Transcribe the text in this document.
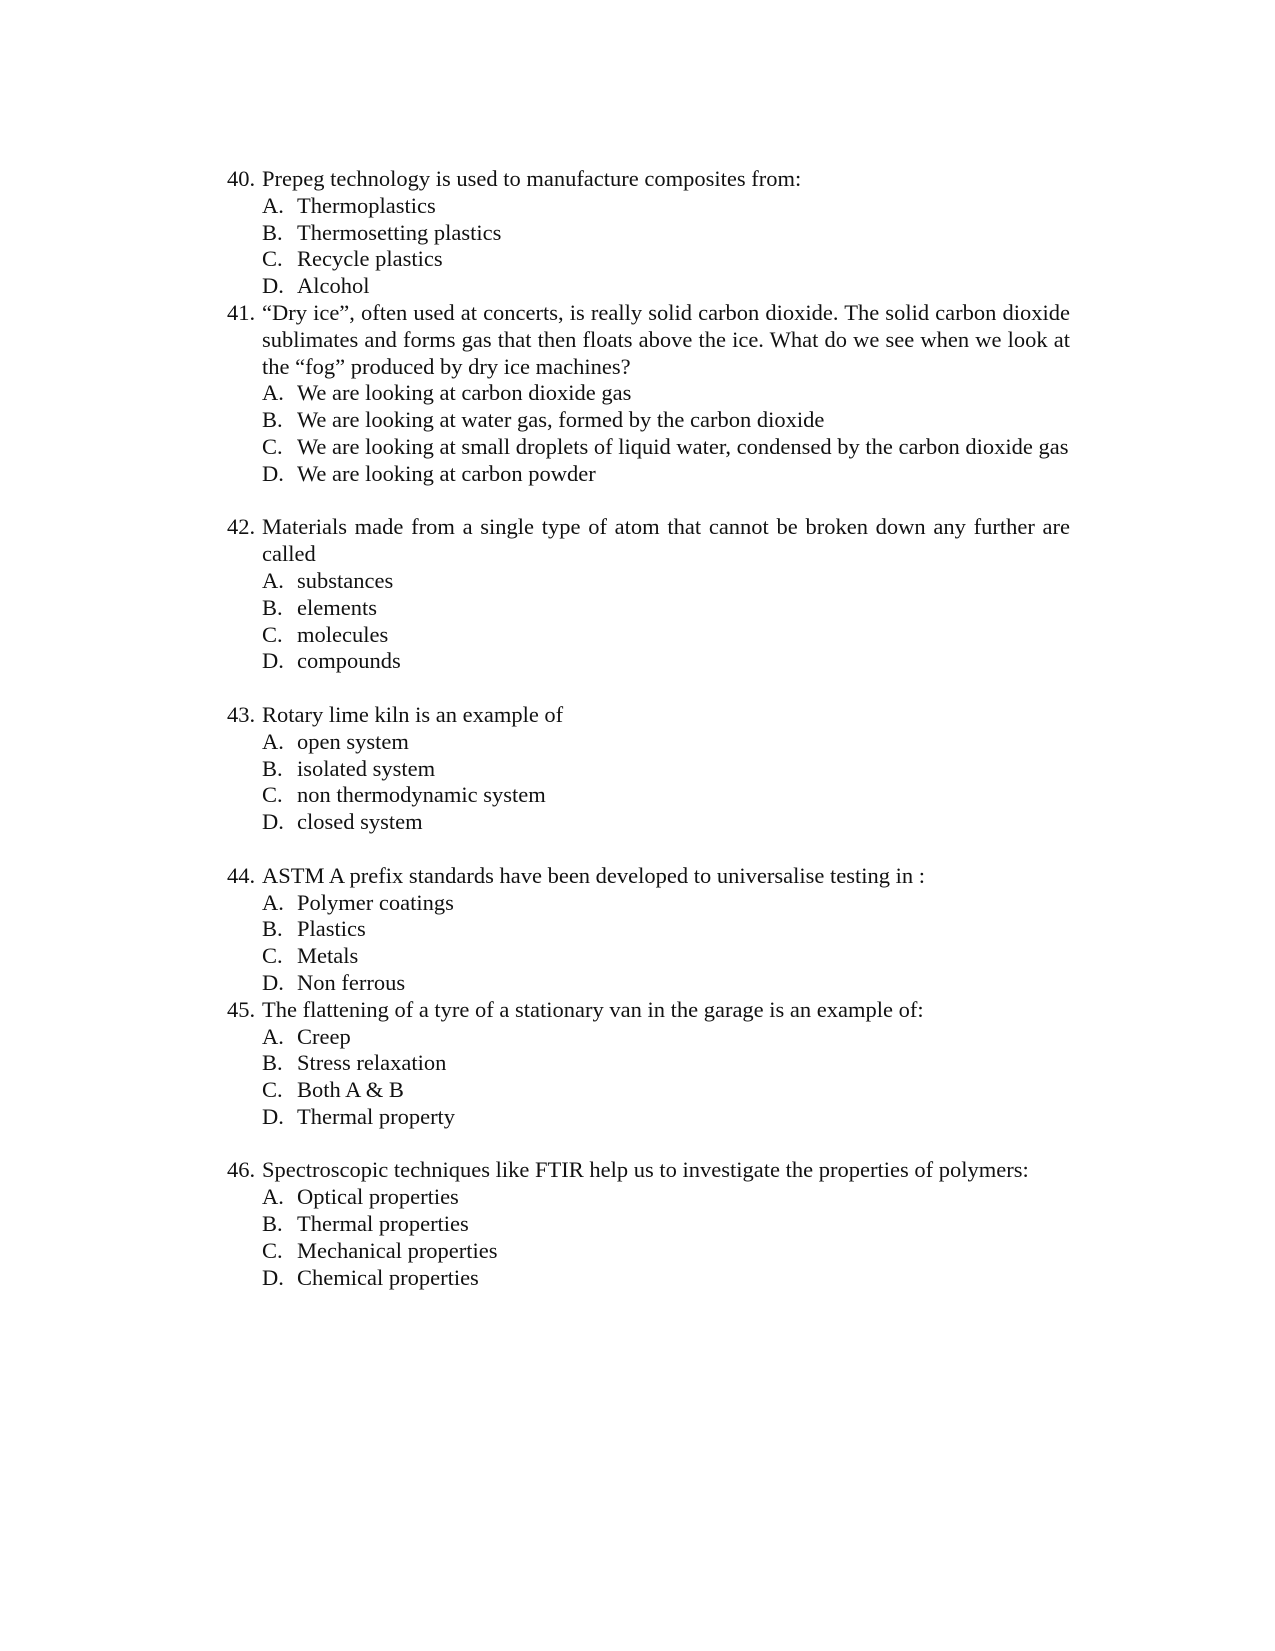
40. Prepeg technology is used to manufacture composites from:

A. Thermoplastics
B. Thermosetting plastics
C. Recycle plastics
D. Alcohol
41. “Dry ice”, often used at concerts, is really solid carbon dioxide. The solid carbon dioxide sublimates and forms gas that then floats above the ice. What do we see when we look at the “fog” produced by dry ice machines?

A. We are looking at carbon dioxide gas
B. We are looking at water gas, formed by the carbon dioxide
C. We are looking at small droplets of liquid water, condensed by the carbon dioxide gas
D. We are looking at carbon powder
42. Materials made from a single type of atom that cannot be broken down any further are called

A. substances
B. elements
C. molecules
D. compounds
43. Rotary lime kiln is an example of

A. open system
B. isolated system
C. non thermodynamic system
D. closed system
44. ASTM A prefix standards have been developed to universalise testing in :

A. Polymer coatings
B. Plastics
C. Metals
D. Non ferrous
45. The flattening of a tyre of a stationary van in the garage is an example of:

A. Creep
B. Stress relaxation
C. Both A & B
D. Thermal property
46. Spectroscopic techniques like FTIR help us to investigate the properties of polymers:

A. Optical properties
B. Thermal properties
C. Mechanical properties
D. Chemical properties
